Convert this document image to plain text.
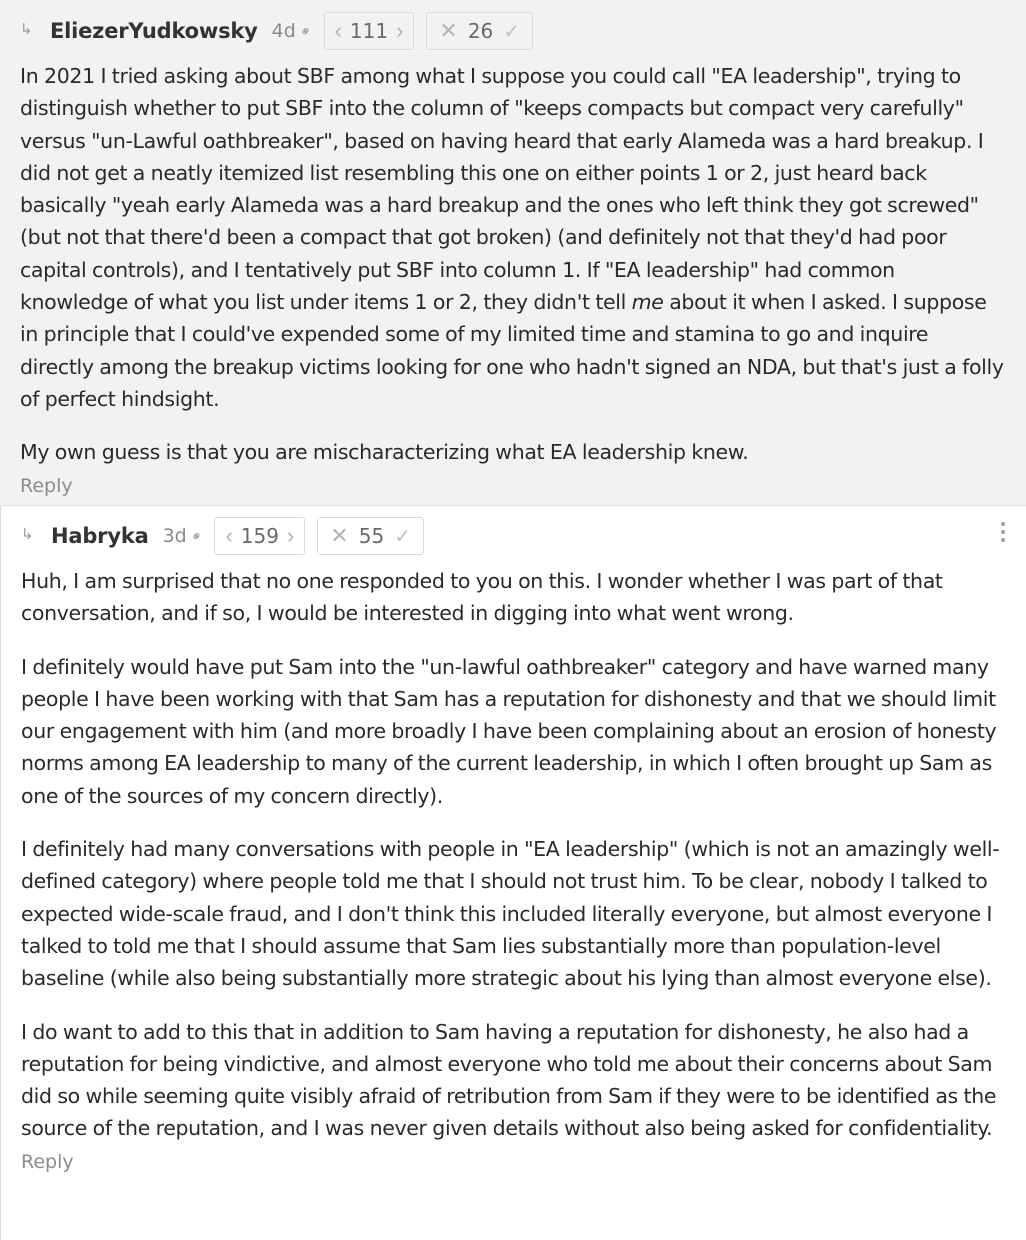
↳ EliezerYudkowsky 4d ⚭ ‹ 111 › ✕ 26 ✓

In 2021 I tried asking about SBF among what I suppose you could call "EA leadership", trying to distinguish whether to put SBF into the column of "keeps compacts but compact very carefully" versus "un-Lawful oathbreaker", based on having heard that early Alameda was a hard breakup. I did not get a neatly itemized list resembling this one on either points 1 or 2, just heard back basically "yeah early Alameda was a hard breakup and the ones who left think they got screwed" (but not that there'd been a compact that got broken) (and definitely not that they'd had poor capital controls), and I tentatively put SBF into column 1. If "EA leadership" had common knowledge of what you list under items 1 or 2, they didn't tell me about it when I asked. I suppose in principle that I could've expended some of my limited time and stamina to go and inquire directly among the breakup victims looking for one who hadn't signed an NDA, but that's just a folly of perfect hindsight.

My own guess is that you are mischaracterizing what EA leadership knew.

Reply
↳ Habryka 3d ⚭ ‹ 159 › ✕ 55 ✓

Huh, I am surprised that no one responded to you on this. I wonder whether I was part of that conversation, and if so, I would be interested in digging into what went wrong.

I definitely would have put Sam into the "un-lawful oathbreaker" category and have warned many people I have been working with that Sam has a reputation for dishonesty and that we should limit our engagement with him (and more broadly I have been complaining about an erosion of honesty norms among EA leadership to many of the current leadership, in which I often brought up Sam as one of the sources of my concern directly).

I definitely had many conversations with people in "EA leadership" (which is not an amazingly well-defined category) where people told me that I should not trust him. To be clear, nobody I talked to expected wide-scale fraud, and I don't think this included literally everyone, but almost everyone I talked to told me that I should assume that Sam lies substantially more than population-level baseline (while also being substantially more strategic about his lying than almost everyone else).

I do want to add to this that in addition to Sam having a reputation for dishonesty, he also had a reputation for being vindictive, and almost everyone who told me about their concerns about Sam did so while seeming quite visibly afraid of retribution from Sam if they were to be identified as the source of the reputation, and I was never given details without also being asked for confidentiality.

Reply
